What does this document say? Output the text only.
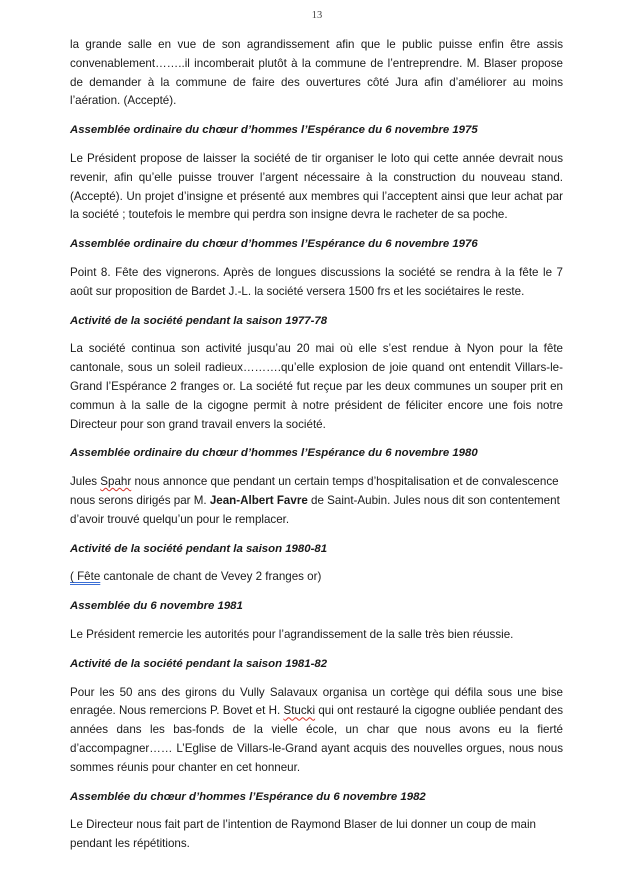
13

la grande salle en vue de son agrandissement afin que le public puisse enfin être assis convenablement……..il incomberait plutôt à la commune de l’entreprendre. M. Blaser propose de demander à la commune de faire des ouvertures côté Jura afin d’améliorer au moins l’aération. (Accepté).

Assemblée ordinaire du chœur d’hommes l’Espérance du 6 novembre 1975

Le Président propose de laisser la société de tir organiser le loto qui cette année devrait nous revenir, afin qu’elle puisse trouver l’argent nécessaire à la construction du nouveau stand. (Accepté). Un projet d’insigne et présenté aux membres qui l’acceptent ainsi que leur achat par la société ; toutefois le membre qui perdra son insigne devra le racheter de sa poche.

Assemblée ordinaire du chœur d’hommes l’Espérance du 6 novembre 1976

Point 8. Fête des vignerons. Après de longues discussions la société se rendra à la fête le 7 août sur proposition de Bardet J.-L. la société versera 1500 frs et les sociétaires le reste.

Activité de la société pendant la saison 1977-78

La société continua son activité jusqu’au 20 mai où elle s’est rendue à Nyon pour la fête cantonale, sous un soleil radieux……….qu’elle explosion de joie quand ont entendit Villars-le-Grand l’Espérance 2 franges or. La société fut reçue par les deux communes un souper prit en commun à la salle de la cigogne permit à notre président de féliciter encore une fois notre Directeur pour son grand travail envers la société.

Assemblée ordinaire du chœur d’hommes l’Espérance du 6 novembre 1980

Jules Spahr nous annonce que pendant un certain temps d’hospitalisation et de convalescence nous serons dirigés par M. Jean-Albert Favre de Saint-Aubin. Jules nous dit son contentement d’avoir trouvé quelqu’un pour le remplacer.

Activité de la société pendant la saison 1980-81

( Fête cantonale de chant de Vevey 2 franges or)

Assemblée du 6 novembre 1981

Le Président remercie les autorités pour l’agrandissement de la salle très bien réussie.

Activité de la société pendant la saison 1981-82

Pour les 50 ans des girons du Vully Salavaux organisa un cortège qui défila sous une bise enragée. Nous remercions P. Bovet et H. Stucki qui ont restauré la cigogne oubliée pendant des années dans les bas-fonds de la vielle école, un char que nous avons eu la fierté d’accompagner…… L’Eglise de Villars-le-Grand ayant acquis des nouvelles orgues, nous nous sommes réunis pour chanter en cet honneur.

Assemblée du chœur d’hommes l’Espérance du 6 novembre 1982

Le Directeur nous fait part de l’intention de Raymond Blaser de lui donner un coup de main pendant les répétitions.
